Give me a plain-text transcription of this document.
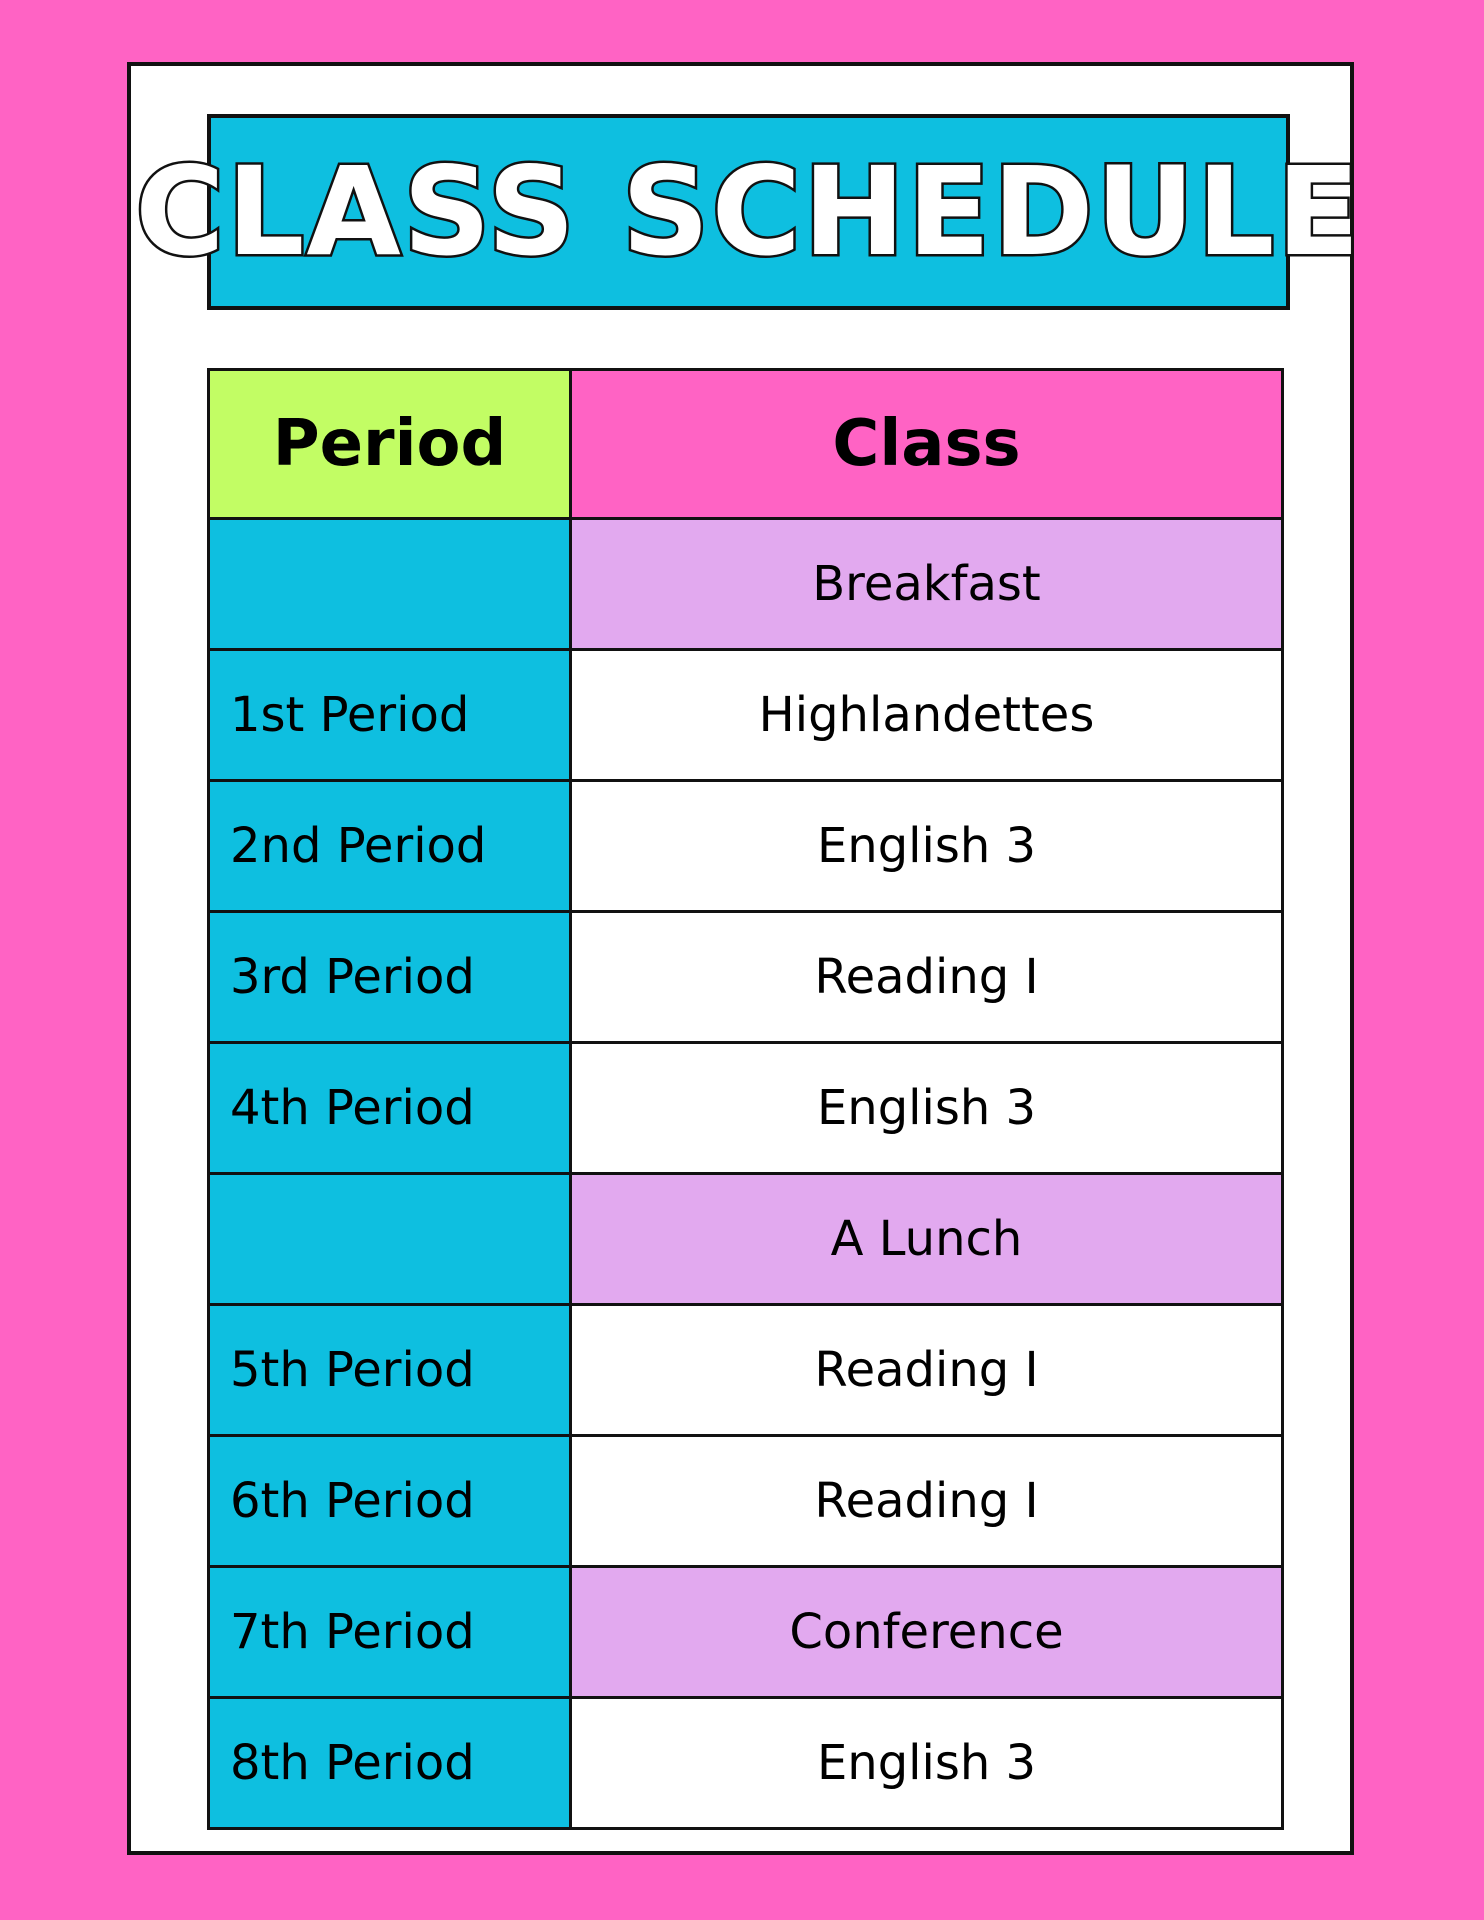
CLASS SCHEDULE
Period	Class
	Breakfast
1st Period	Highlandettes
2nd Period	English 3
3rd Period	Reading I
4th Period	English 3
	A Lunch
5th Period	Reading I
6th Period	Reading I
7th Period	Conference
8th Period	English 3
